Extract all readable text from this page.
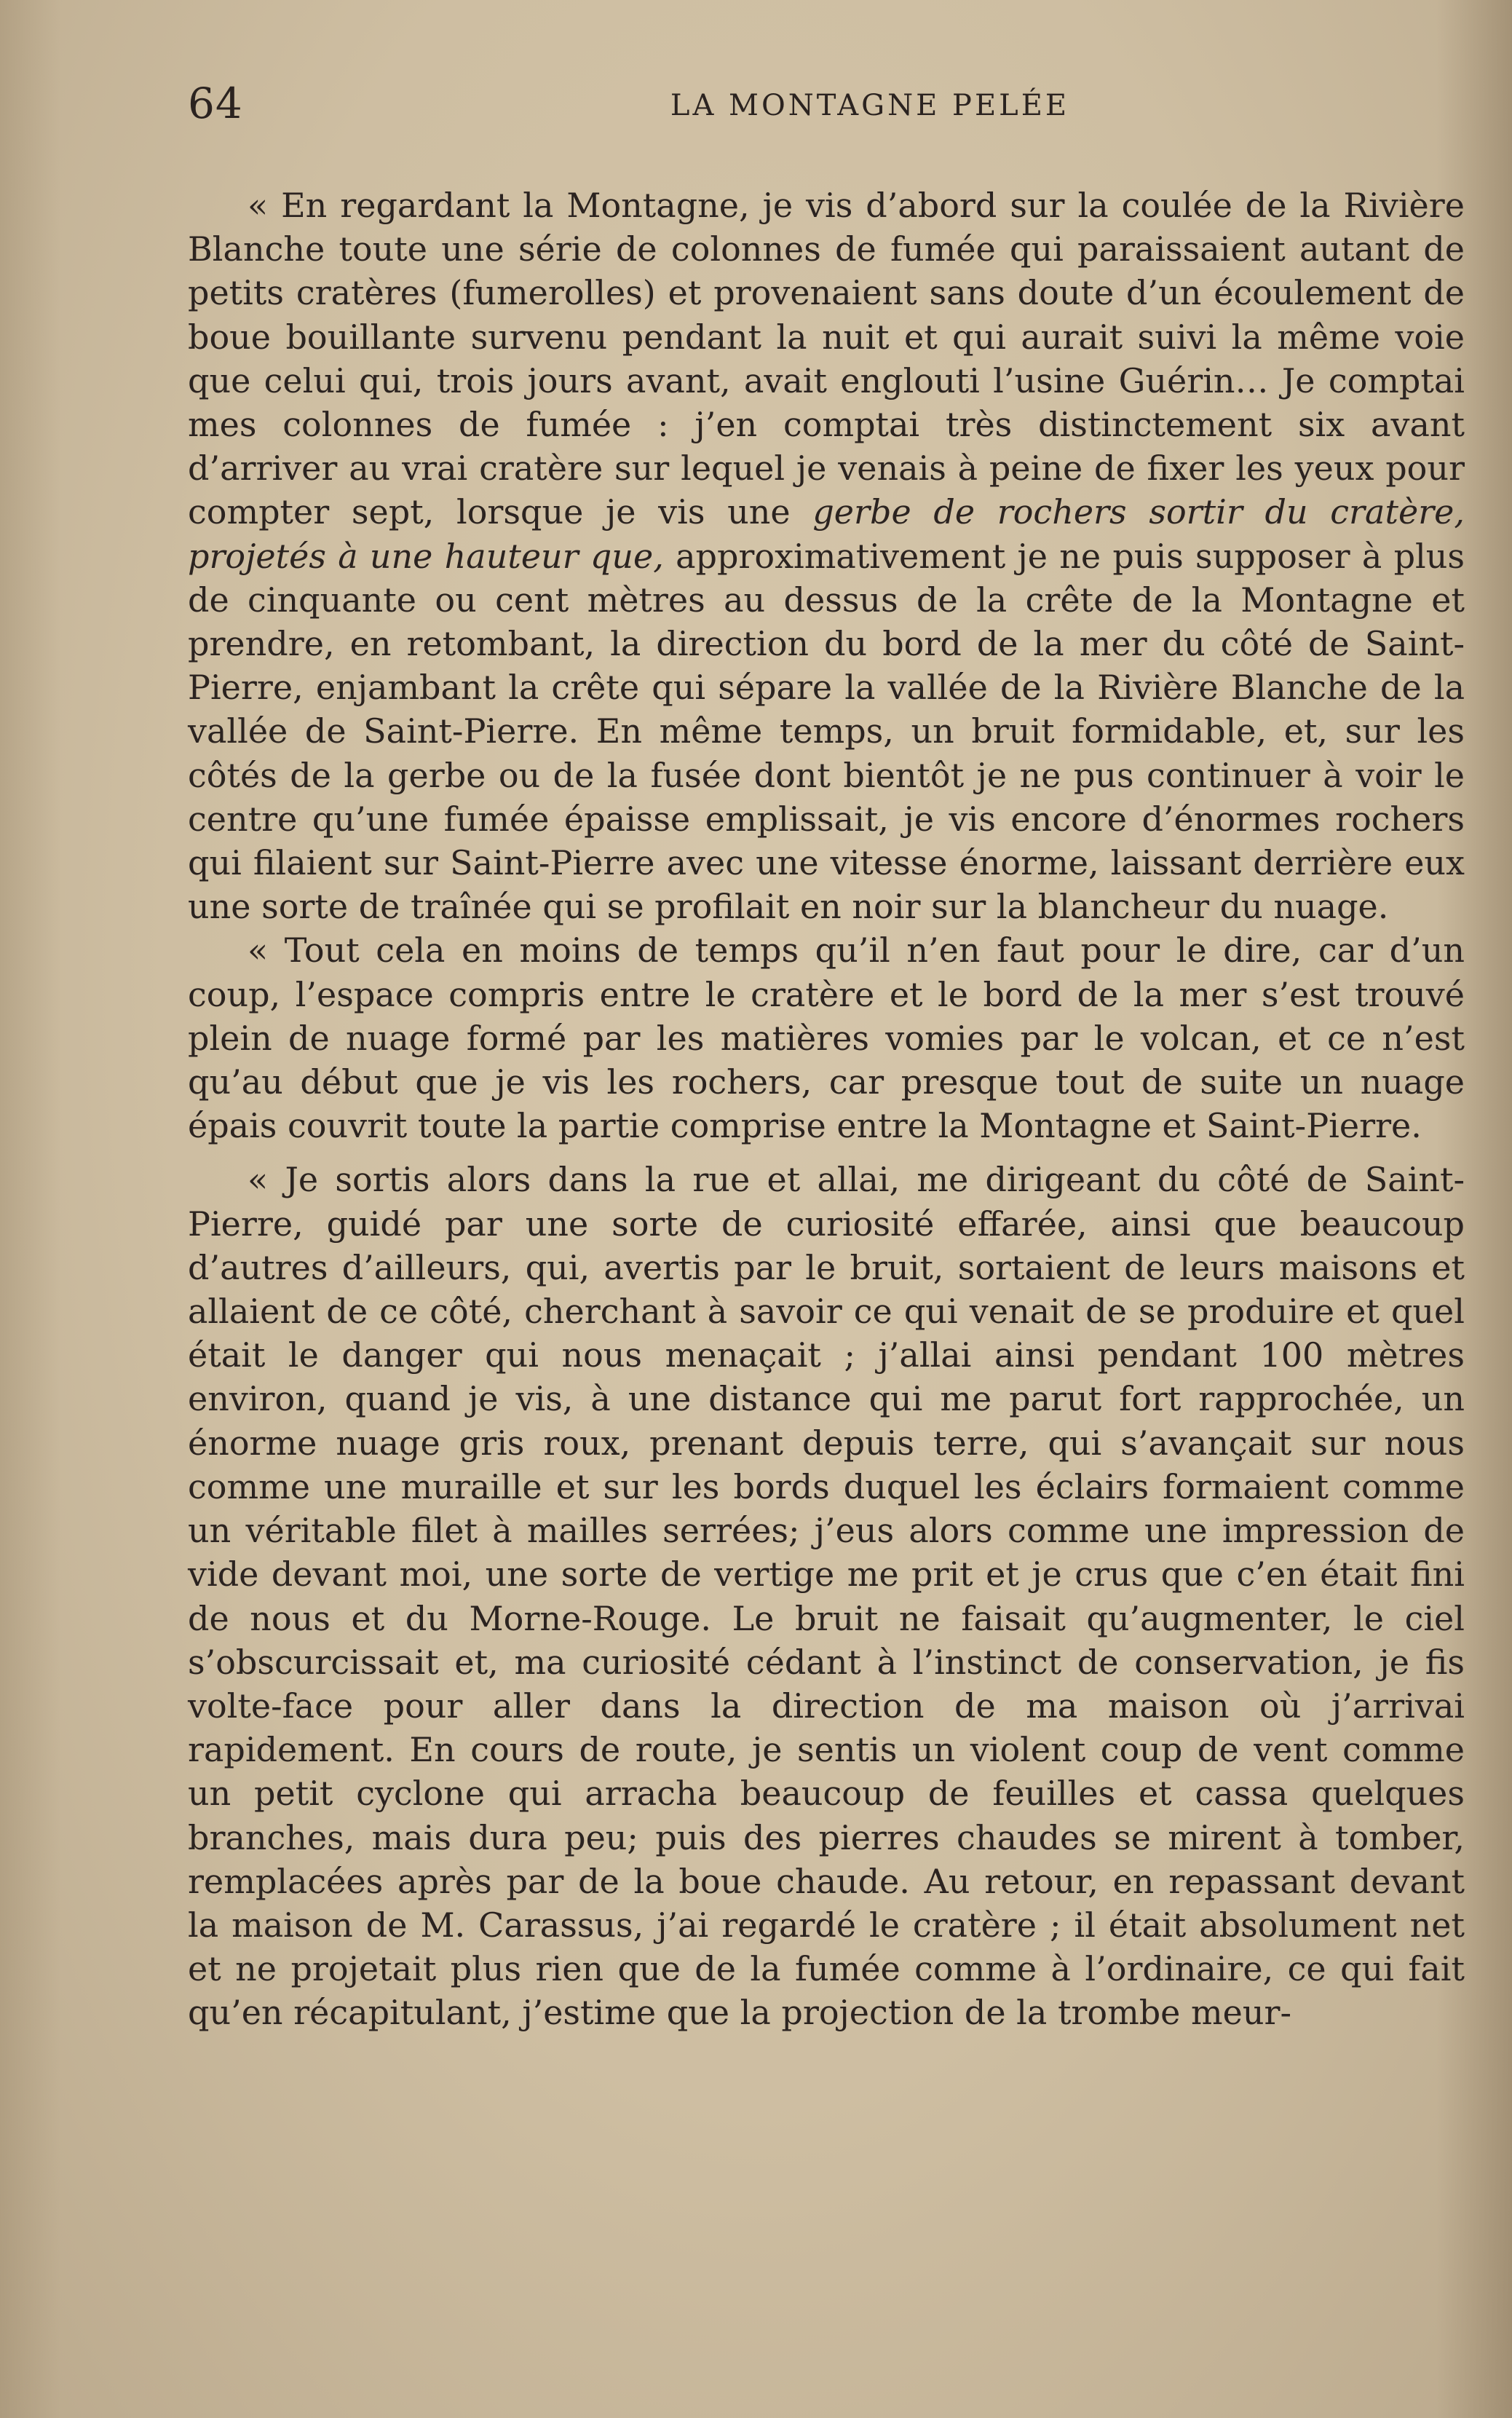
64	LA MONTAGNE PELÉE

« En regardant la Montagne, je vis d’abord sur la coulée de la Rivière Blanche toute une série de colonnes de fumée qui paraissaient autant de petits cratères (fumerolles) et provenaient sans doute d’un écoulement de boue bouillante survenu pendant la nuit et qui aurait suivi la même voie que celui qui, trois jours avant, avait englouti l’usine Guérin… Je comptai mes colonnes de fumée : j’en comptai très distinctement six avant d’arriver au vrai cratère sur lequel je venais à peine de fixer les yeux pour compter sept, lorsque je vis une gerbe de rochers sortir du cratère, projetés à une hauteur que, approximativement je ne puis supposer à plus de cinquante ou cent mètres au dessus de la crête de la Montagne et prendre, en retombant, la direction du bord de la mer du côté de Saint-Pierre, enjambant la crête qui sépare la vallée de la Rivière Blanche de la vallée de Saint-Pierre. En même temps, un bruit formidable, et, sur les côtés de la gerbe ou de la fusée dont bientôt je ne pus continuer à voir le centre qu’une fumée épaisse emplissait, je vis encore d’énormes rochers qui filaient sur Saint-Pierre avec une vitesse énorme, laissant derrière eux une sorte de traînée qui se profilait en noir sur la blancheur du nuage.

« Tout cela en moins de temps qu’il n’en faut pour le dire, car d’un coup, l’espace compris entre le cratère et le bord de la mer s’est trouvé plein de nuage formé par les matières vomies par le volcan, et ce n’est qu’au début que je vis les rochers, car presque tout de suite un nuage épais couvrit toute la partie comprise entre la Montagne et Saint-Pierre.

« Je sortis alors dans la rue et allai, me dirigeant du côté de Saint-Pierre, guidé par une sorte de curiosité effarée, ainsi que beaucoup d’autres d’ailleurs, qui, avertis par le bruit, sortaient de leurs maisons et allaient de ce côté, cherchant à savoir ce qui venait de se produire et quel était le danger qui nous menaçait ; j’allai ainsi pendant 100 mètres environ, quand je vis, à une distance qui me parut fort rapprochée, un énorme nuage gris roux, prenant depuis terre, qui s’avançait sur nous comme une muraille et sur les bords duquel les éclairs formaient comme un véritable filet à mailles serrées; j’eus alors comme une impression de vide devant moi, une sorte de vertige me prit et je crus que c’en était fini de nous et du Morne-Rouge. Le bruit ne faisait qu’augmenter, le ciel s’obscurcissait et, ma curiosité cédant à l’instinct de conservation, je fis volte-face pour aller dans la direction de ma maison où j’arrivai rapidement. En cours de route, je sentis un violent coup de vent comme un petit cyclone qui arracha beaucoup de feuilles et cassa quelques branches, mais dura peu; puis des pierres chaudes se mirent à tomber, remplacées après par de la boue chaude. Au retour, en repassant devant la maison de M. Carassus, j’ai regardé le cratère ; il était absolument net et ne projetait plus rien que de la fumée comme à l’ordinaire, ce qui fait qu’en récapitulant, j’estime que la projection de la trombe meur-
